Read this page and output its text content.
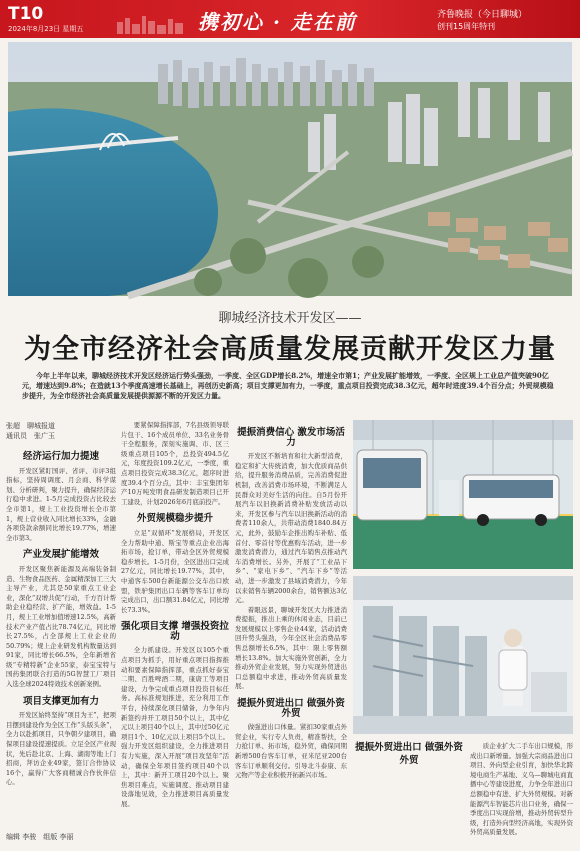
T10
2024年8月23日 星期五	携初心 · 走在前	齐鲁晚报（今日聊城）
创刊15周年特刊
聊城经济技术开发区——
为全市经济社会高质量发展贡献开发区力量
今年上半年以来，聊城经济技术开发区经济运行势头强劲，一季度、全区GDP增长8.2%，增速全市第1；产业发展扩能增效，一季度、全区规上工业总产值突破90亿元，增速达到9.8%；在造就13个季度高速增长基础上，再创历史新高；项目支撑更加有力，一季度，重点项目投资完成38.3亿元，超年时进度39.4个百分点；外贸规模稳步提升，为全市经济社会高质量发展提供源源不断的开发区力量。
张超　聊城报道
通讯员　张广玉
经济运行加力提速

开发区紧盯国评、省评、市评3组指标，坚持周调度、月会商、科学谋划、分析研判，聚力提升，确保经济运行稳中求进。1-5月完成投资占比较去全市第1，规上工业投资增长全市第1，规上营业收入同比增长33%，金融各项贷款余额同比增长19.77%，增速全市第3。

产业发展扩能增效

开发区聚焦新能源及高端装备制造、生物食品医药、金属精深加工三大主导产业，尤其是50家重点工业企业，深化“双增共促”行动，千方百计帮助企业稳经营、扩产能，增效益。1-5月，规上工业增加值增速12.5%，高新技术产业产值占比78.74亿元，同比增长27.5%，占全部规上工业企业的50.79%；规上企业研发机构数量达到91家，同比增长66.5%，全年新增省级“专精特新”企业55家，泰宝宝特与国药集团联合打造的5G智慧工厂项目入选全球2024特效技术创新案例。

项目支撑更加有力

开发区始终坚持“项目为王”，把项目摆到建设作为全区工作“头版头条”，全力以赴抓项目，只争朝夕建项目，确保项目建设提速提质。立足全区产业现状，先后赴北京、上海、湖南等地上门招商，拜访企业49家，签订合作协议16个，赢得广大客商精诚合作伙伴信心。

要紧保障指挥部，7名县级领导联片包干、16个成员单位、33名业务骨干全程服务，深刻实施调、市、区三级重点项目105个，总投资494.5亿元，年度投资109.2亿元，一季度，重点项目投资完成38.3亿元，超序时进度39.4个百分点，其中：丰宝集团年产10万吨发明食品研发制造项目已开工建设，计划2026年6月底前投产。

外贸规模稳步提升

立足“双循环”发展格局，开发区全力帮助中通、斯宝等重点企业出海拓市场，抢订单，带动全区外贸规模稳步增长。1-5月份，全区进出口完成27亿元，同比增长19.77%，其中，中通客车500台新能源公交车出口欧盟，铁驴集团出口车辆等客车订单均完成出口，出口额31.84亿元，同比增长73.3%。

强化项目支撑 增强投资拉动

全力抓建设。开发区以105个重点项目为抓手，用好重点项目指挥推动和要素保障指挥部，重点抓好泰宝二期、百胜啤酒二期，康唐工等项目建设，力争完成重点项目投资目标任务。高标准规划推进，充分利用工作平台，持续深化项目储备，力争年内新签约并开工项目50个以上，其中亿元以上项目40个以上，其中过50亿元项目1个、10亿元以上项目5个以上。强力开发区组织建设，全力推进项目有力实施，深入开展“项目攻坚年”活动，确保全年项目签约项目40个以上，其中：新开工项目20个以上。聚焦项目难点，实施调度、推动项目建设落地见效，全力推进项目高质量发展。

提振消费信心 激发市场活力

开发区不断培育和壮大新型消费，稳定和扩大传统消费，加大优质商品供给，提升服务消费品质，完善消费促进机制，改善消费市场环境，不断满足人民群众对美好生活的向往。自5月份开展汽车以旧换新消费补贴发放活动以来，开发区参与汽车以旧换新活动的消费者110余人，共带动消费1840.84万元，此外，鼓励车企推出购车补贴、低首付、零首付等优惠购车活动，进一步激发消费潜力，通过汽车销售点推动汽车消费增长。另外，开展了“工业品下乡”、“家电下乡”、“汽车下乡”等活动，进一步激发了县域消费潜力，今年以来销售车辆2000余台，销售额达3亿元。

着眼远景，聊城开发区大力推进消费提振，推出上乘的休闲业态，目前已发展规模以上零售企业44家，活动消费回升势头强劲，今年全区社会消费品零售总额增长6.5%，其中：限上零售额增长13.8%。加大实施外贸创新，全力推动外贸企业发展，努力实现外贸进出口总额稳中求进，推动外贸高质量发展。

提振外贸进出口 做强外资外贸

做强进出口体量。紧扣30家重点外贸企业，实行专人负责，精准帮扶，全力抢订单、拓市场，稳外贸，确保同期新增500台客车订单，亚米尼亚200台客车订单顺利交付。引导北斗泰康、东元物产等企业积极开拓新兴市场。

提振外贸进出口 做强外资外贸

质企业扩大二手车出口规模，形成出口新增量。加强大宗商品进出口项目、外向型企业引育，加快华北跨境电商生产基地、义乌—聊城电商直播中心等建设进度，力争全年进出口总额稳中有进、扩大外贸规模。对新能源汽车智能芯片出口业务，确保一季度出口实现倍增，推动外贸转型升级，打造外向型经济高地，实现外资外贸高质量发展。

编辑 李骏　组版 李丽
